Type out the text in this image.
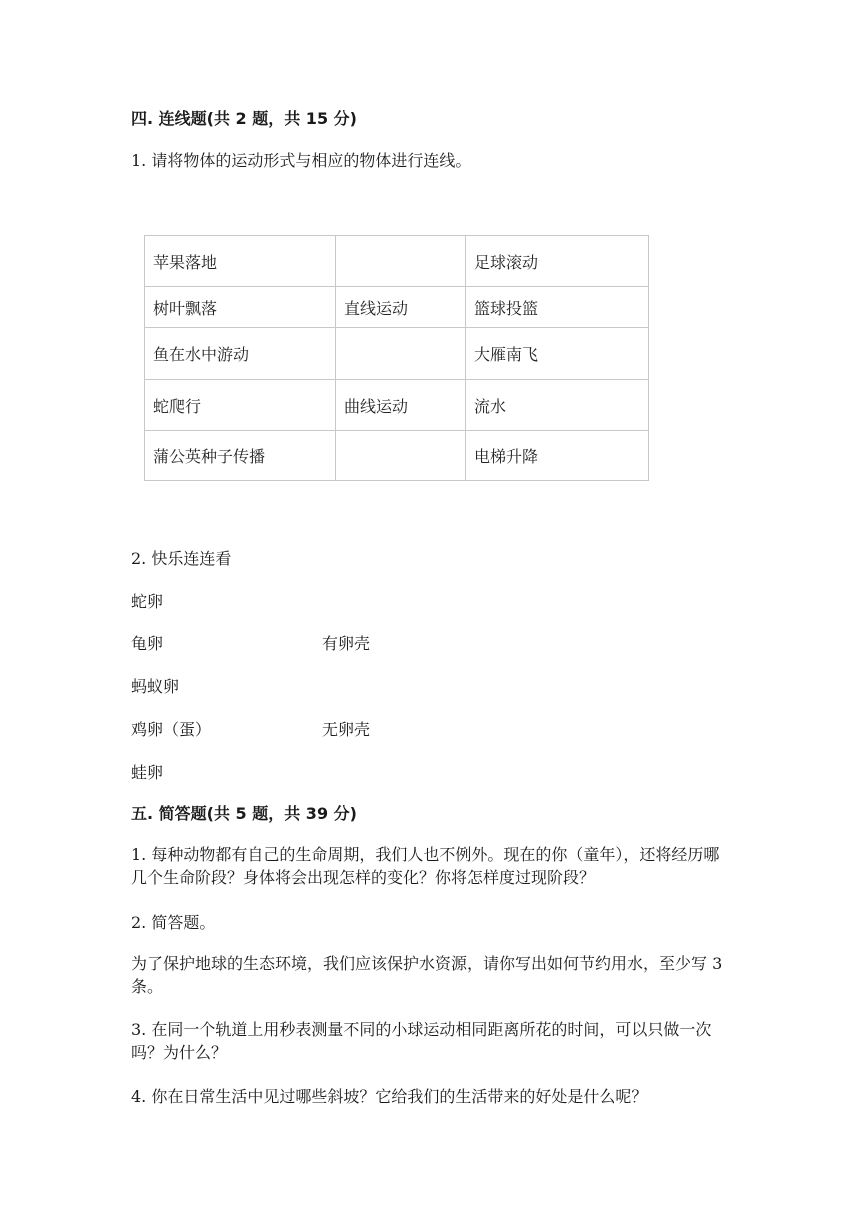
四. 连线题(共 2 题，共 15 分)
1. 请将物体的运动形式与相应的物体进行连线。
苹果落地		足球滚动
树叶飘落	直线运动	篮球投篮
鱼在水中游动		大雁南飞
蛇爬行	曲线运动	流水
蒲公英种子传播		电梯升降
2. 快乐连连看
蛇卵
龟卵	有卵壳
蚂蚁卵
鸡卵（蛋）	无卵壳
蛙卵
五. 简答题(共 5 题，共 39 分)
1. 每种动物都有自己的生命周期，我们人也不例外。现在的你（童年），还将经历哪几个生命阶段？身体将会出现怎样的变化？你将怎样度过现阶段？
2. 简答题。
为了保护地球的生态环境，我们应该保护水资源，请你写出如何节约用水，至少写 3 条。
3. 在同一个轨道上用秒表测量不同的小球运动相同距离所花的时间，可以只做一次吗？为什么？
4. 你在日常生活中见过哪些斜坡？它给我们的生活带来的好处是什么呢？
